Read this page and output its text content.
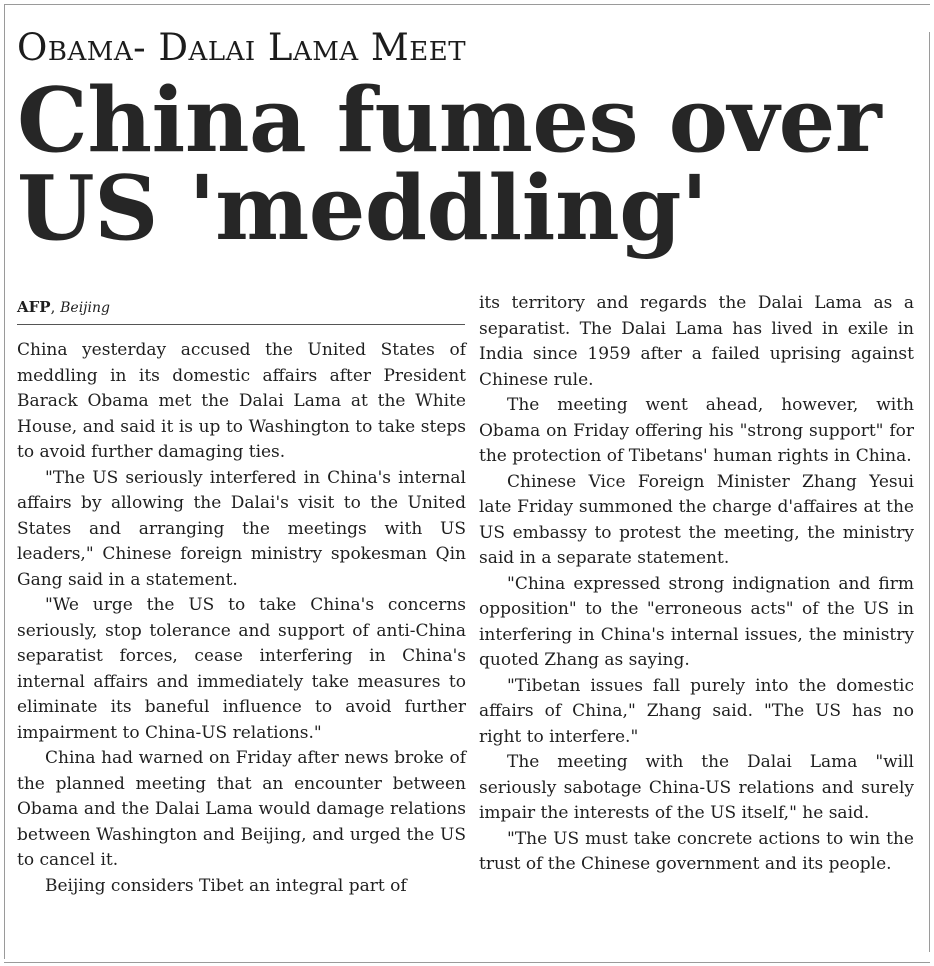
Obama- Dalai Lama Meet
China fumes over
US 'meddling'
AFP, Beijing

China yesterday accused the United States of meddling in its domestic affairs after President Barack Obama met the Dalai Lama at the White House, and said it is up to Washington to take steps to avoid further damaging ties.

"The US seriously interfered in China's internal affairs by allowing the Dalai's visit to the United States and arranging the meetings with US leaders," Chinese foreign ministry spokesman Qin Gang said in a statement.

"We urge the US to take China's concerns seriously, stop tolerance and support of anti-China separatist forces, cease interfering in China's internal affairs and immediately take measures to eliminate its baneful influence to avoid further impairment to China-US relations."

China had warned on Friday after news broke of the planned meeting that an encounter between Obama and the Dalai Lama would damage relations between Washington and Beijing, and urged the US to cancel it.

Beijing considers Tibet an integral part of

its territory and regards the Dalai Lama as a separatist. The Dalai Lama has lived in exile in India since 1959 after a failed uprising against Chinese rule.

The meeting went ahead, however, with Obama on Friday offering his "strong support" for the protection of Tibetans' human rights in China.

Chinese Vice Foreign Minister Zhang Yesui late Friday summoned the charge d'affaires at the US embassy to protest the meeting, the ministry said in a separate statement.

"China expressed strong indignation and firm opposition" to the "erroneous acts" of the US in interfering in China's internal issues, the ministry quoted Zhang as saying.

"Tibetan issues fall purely into the domestic affairs of China," Zhang said. "The US has no right to interfere."

The meeting with the Dalai Lama "will seriously sabotage China-US relations and surely impair the interests of the US itself," he said.

"The US must take concrete actions to win the trust of the Chinese government and its people.
